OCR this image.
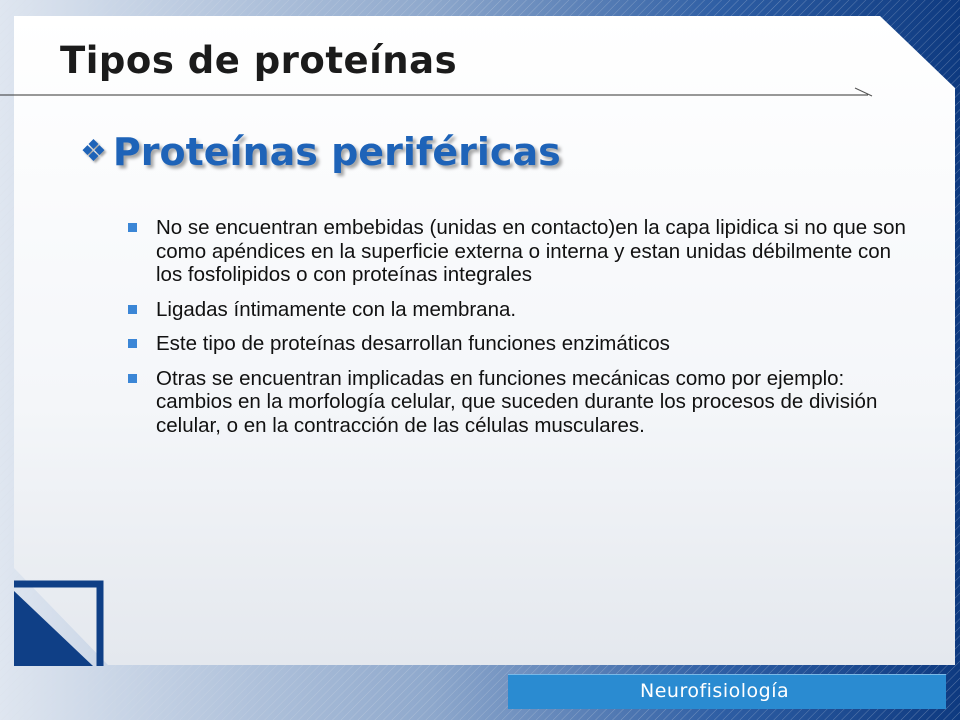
Tipos de proteínas
❖ Proteínas periféricas
No se encuentran embebidas (unidas en contacto)en la capa lipidica si no que son como apéndices en la superficie externa o interna y estan unidas débilmente con los fosfolipidos o con proteínas integrales
Ligadas íntimamente con la membrana.
Este tipo de proteínas desarrollan funciones enzimáticos
Otras se encuentran implicadas en funciones mecánicas como por ejemplo: cambios en la morfología celular, que suceden durante los procesos de división celular, o en la contracción de las células musculares.
Neurofisiología
